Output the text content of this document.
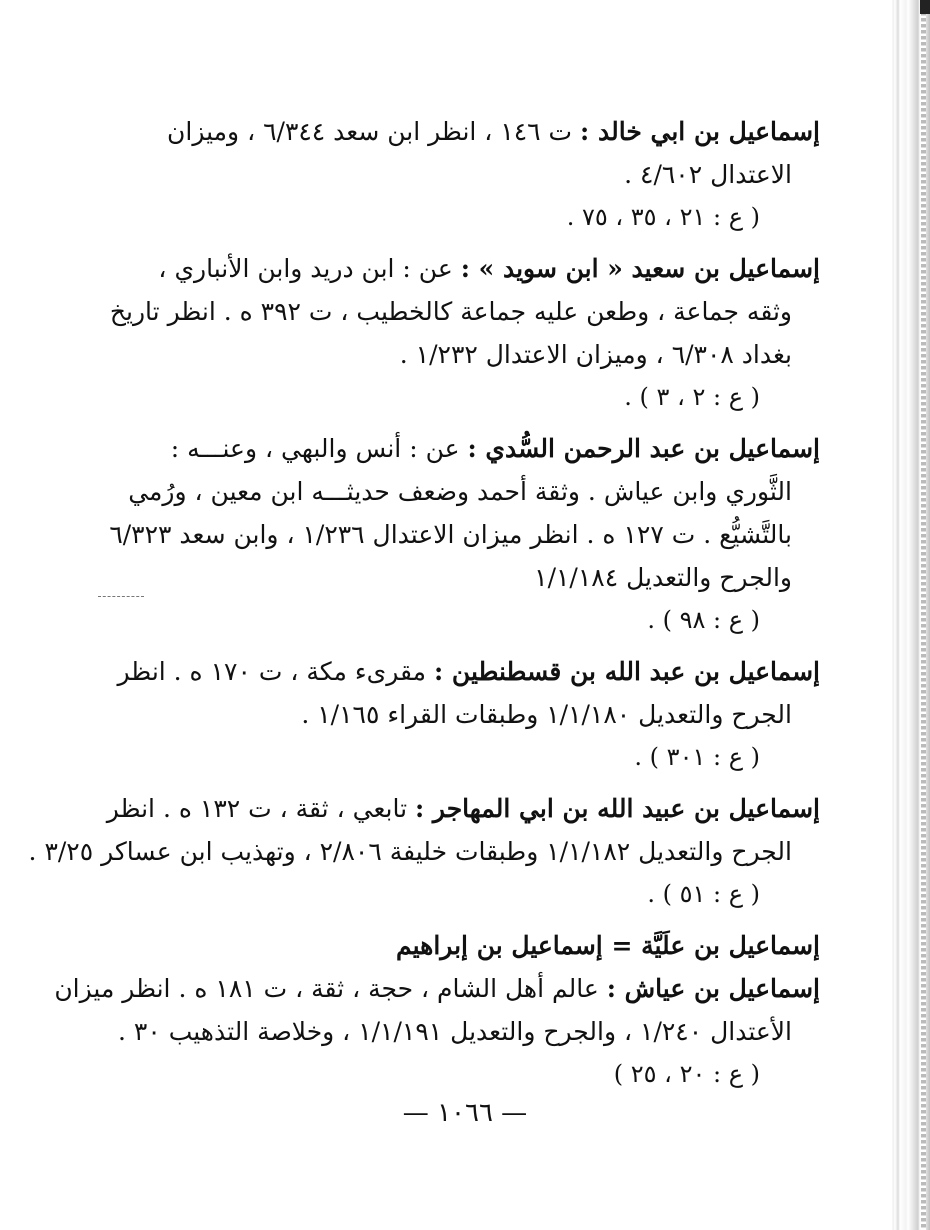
إسماعيل بن ابي خالد : ت ١٤٦ ، انظر ابن سعد ٦/٣٤٤ ، وميزان
الاعتدال ٤/٦٠٢ .
( ع : ٢١ ، ٣٥ ، ٧٥ .
إسماعيل بن سعيد « ابن سويد » : عن : ابن دريد وابن الأنباري ،
وثقه جماعة ، وطعن عليه جماعة كالخطيب ، ت ٣٩٢ ه . انظر تاريخ
بغداد ٦/٣٠٨ ، وميزان الاعتدال ١/٢٣٢ .
( ع : ٢ ، ٣ ) .
إسماعيل بن عبد الرحمن السُّدي : عن : أنس والبهي ، وعنـــه :
الثَّوري وابن عياش . وثقة أحمد وضعف حديثـــه ابن معين ، ورُمي
بالتَّشيُّع . ت ١٢٧ ه . انظر ميزان الاعتدال ١/٢٣٦ ، وابن سعد ٦/٣٢٣
والجرح والتعديل ١/١/١٨٤
( ع : ٩٨ ) .
إسماعيل بن عبد الله بن قسطنطين : مقرىء مكة ، ت ١٧٠ ه . انظر
الجرح والتعديل ١/١/١٨٠ وطبقات القراء ١/١٦٥ .
( ع : ٣٠١ ) .
إسماعيل بن عبيد الله بن ابي المهاجر : تابعي ، ثقة ، ت ١٣٢ ه . انظر
الجرح والتعديل ١/١/١٨٢ وطبقات خليفة ٢/٨٠٦ ، وتهذيب ابن عساكر ٣/٢٥ .
( ع : ٥١ ) .
إسماعيل بن علَيَّة = إسماعيل بن إبراهيم
إسماعيل بن عياش : عالم أهل الشام ، حجة ، ثقة ، ت ١٨١ ه . انظر ميزان
الأعتدال ١/٢٤٠ ، والجرح والتعديل ١/١/١٩١ ، وخلاصة التذهيب ٣٠ .
( ع : ٢٠ ، ٢٥ )
— ١٠٦٦ —
